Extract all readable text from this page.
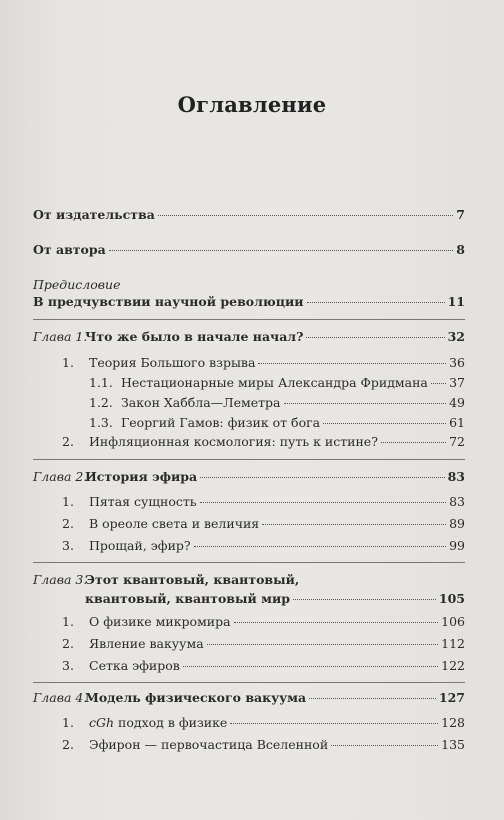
Оглавление
От издательства	7
От автора	8
Предисловие
В предчувствии научной революции	11
Глава 1.
Что же было в начале начал?	32
1.	Теория Большого взрыва	36
1.1. Нестационарные миры Александра Фридмана 37
1.2. Закон Хаббла—Леметра	49
1.3. Георгий Гамов: физик от бога	61
2.	Инфляционная космология: путь к истине?	72
Глава 2.
История эфира	83
1.	Пятая сущность	83
2.	В ореоле света и величия	89
3.	Прощай, эфир?	99
Глава 3.Этот квантовый, квантовый,
квантовый, квантовый мир	105
1.	О физике микромира	106
2.	Явление вакуума	112
3.	Сетка эфиров	122
Глава 4.
Модель физического вакуума	127
1.	cGh подход в физике	128
2.	Эфирон — первочастица Вселенной	135
